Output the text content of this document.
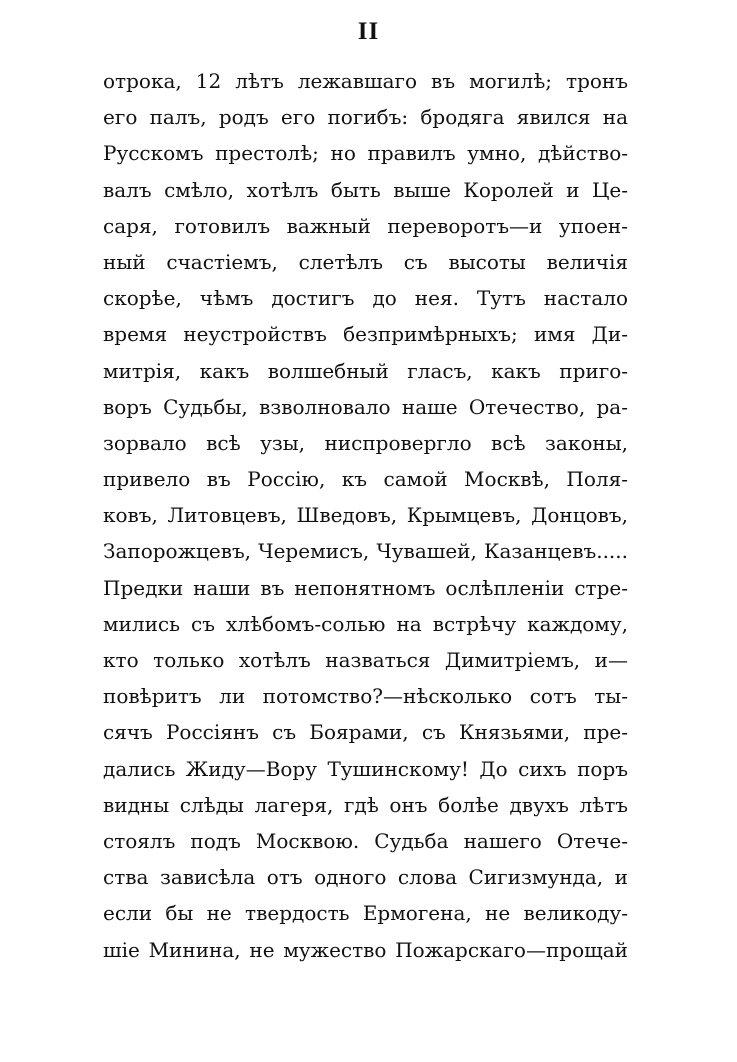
II
отрока, 12 лѣтъ лежавшаго въ могилѣ; тронъ
его палъ, родъ его погибъ: бродяга явился на
Русскомъ престолѣ; но правилъ умно, дѣйство-
валъ смѣло, хотѣлъ быть выше Королей и Це-
саря, готовилъ важный переворотъ—и упоен-
ный счастiемъ, слетѣлъ съ высоты величiя
скорѣе, чѣмъ достигъ до нея. Тутъ настало
время неустройствъ безпримѣрныхъ; имя Ди-
митрiя, какъ волшебный гласъ, какъ пригo-
воръ Судьбы, взволновало наше Отечество, ра-
зорвало всѣ узы, ниспровергло всѣ законы,
привело въ Россiю, къ самой Москвѣ, Поля-
ковъ, Литовцевъ, Шведовъ, Крымцевъ, Донцовъ,
Запорожцевъ, Черемисъ, Чувашей, Казанцевъ.....
Предки наши въ непонятномъ ослѣпленiи стре-
мились съ хлѣбомъ-солью на встрѣчу каждому,
кто только хотѣлъ назваться Димитрiемъ, и—
повѣритъ ли потомство?—нѣсколько сотъ ты-
сячъ Россiянъ съ Боярами, съ Князьями, пре-
дались Жиду—Вору Тушинскому! До сихъ поръ
видны слѣды лагеря, гдѣ онъ болѣе двухъ лѣтъ
стоялъ подъ Москвою. Судьба нашего Отече-
ства зависѣла отъ одного слова Сигизмунда, и
если бы не твердость Ермогена, не великоду-
шiе Минина, не мужество Пожарскаго—прощай
